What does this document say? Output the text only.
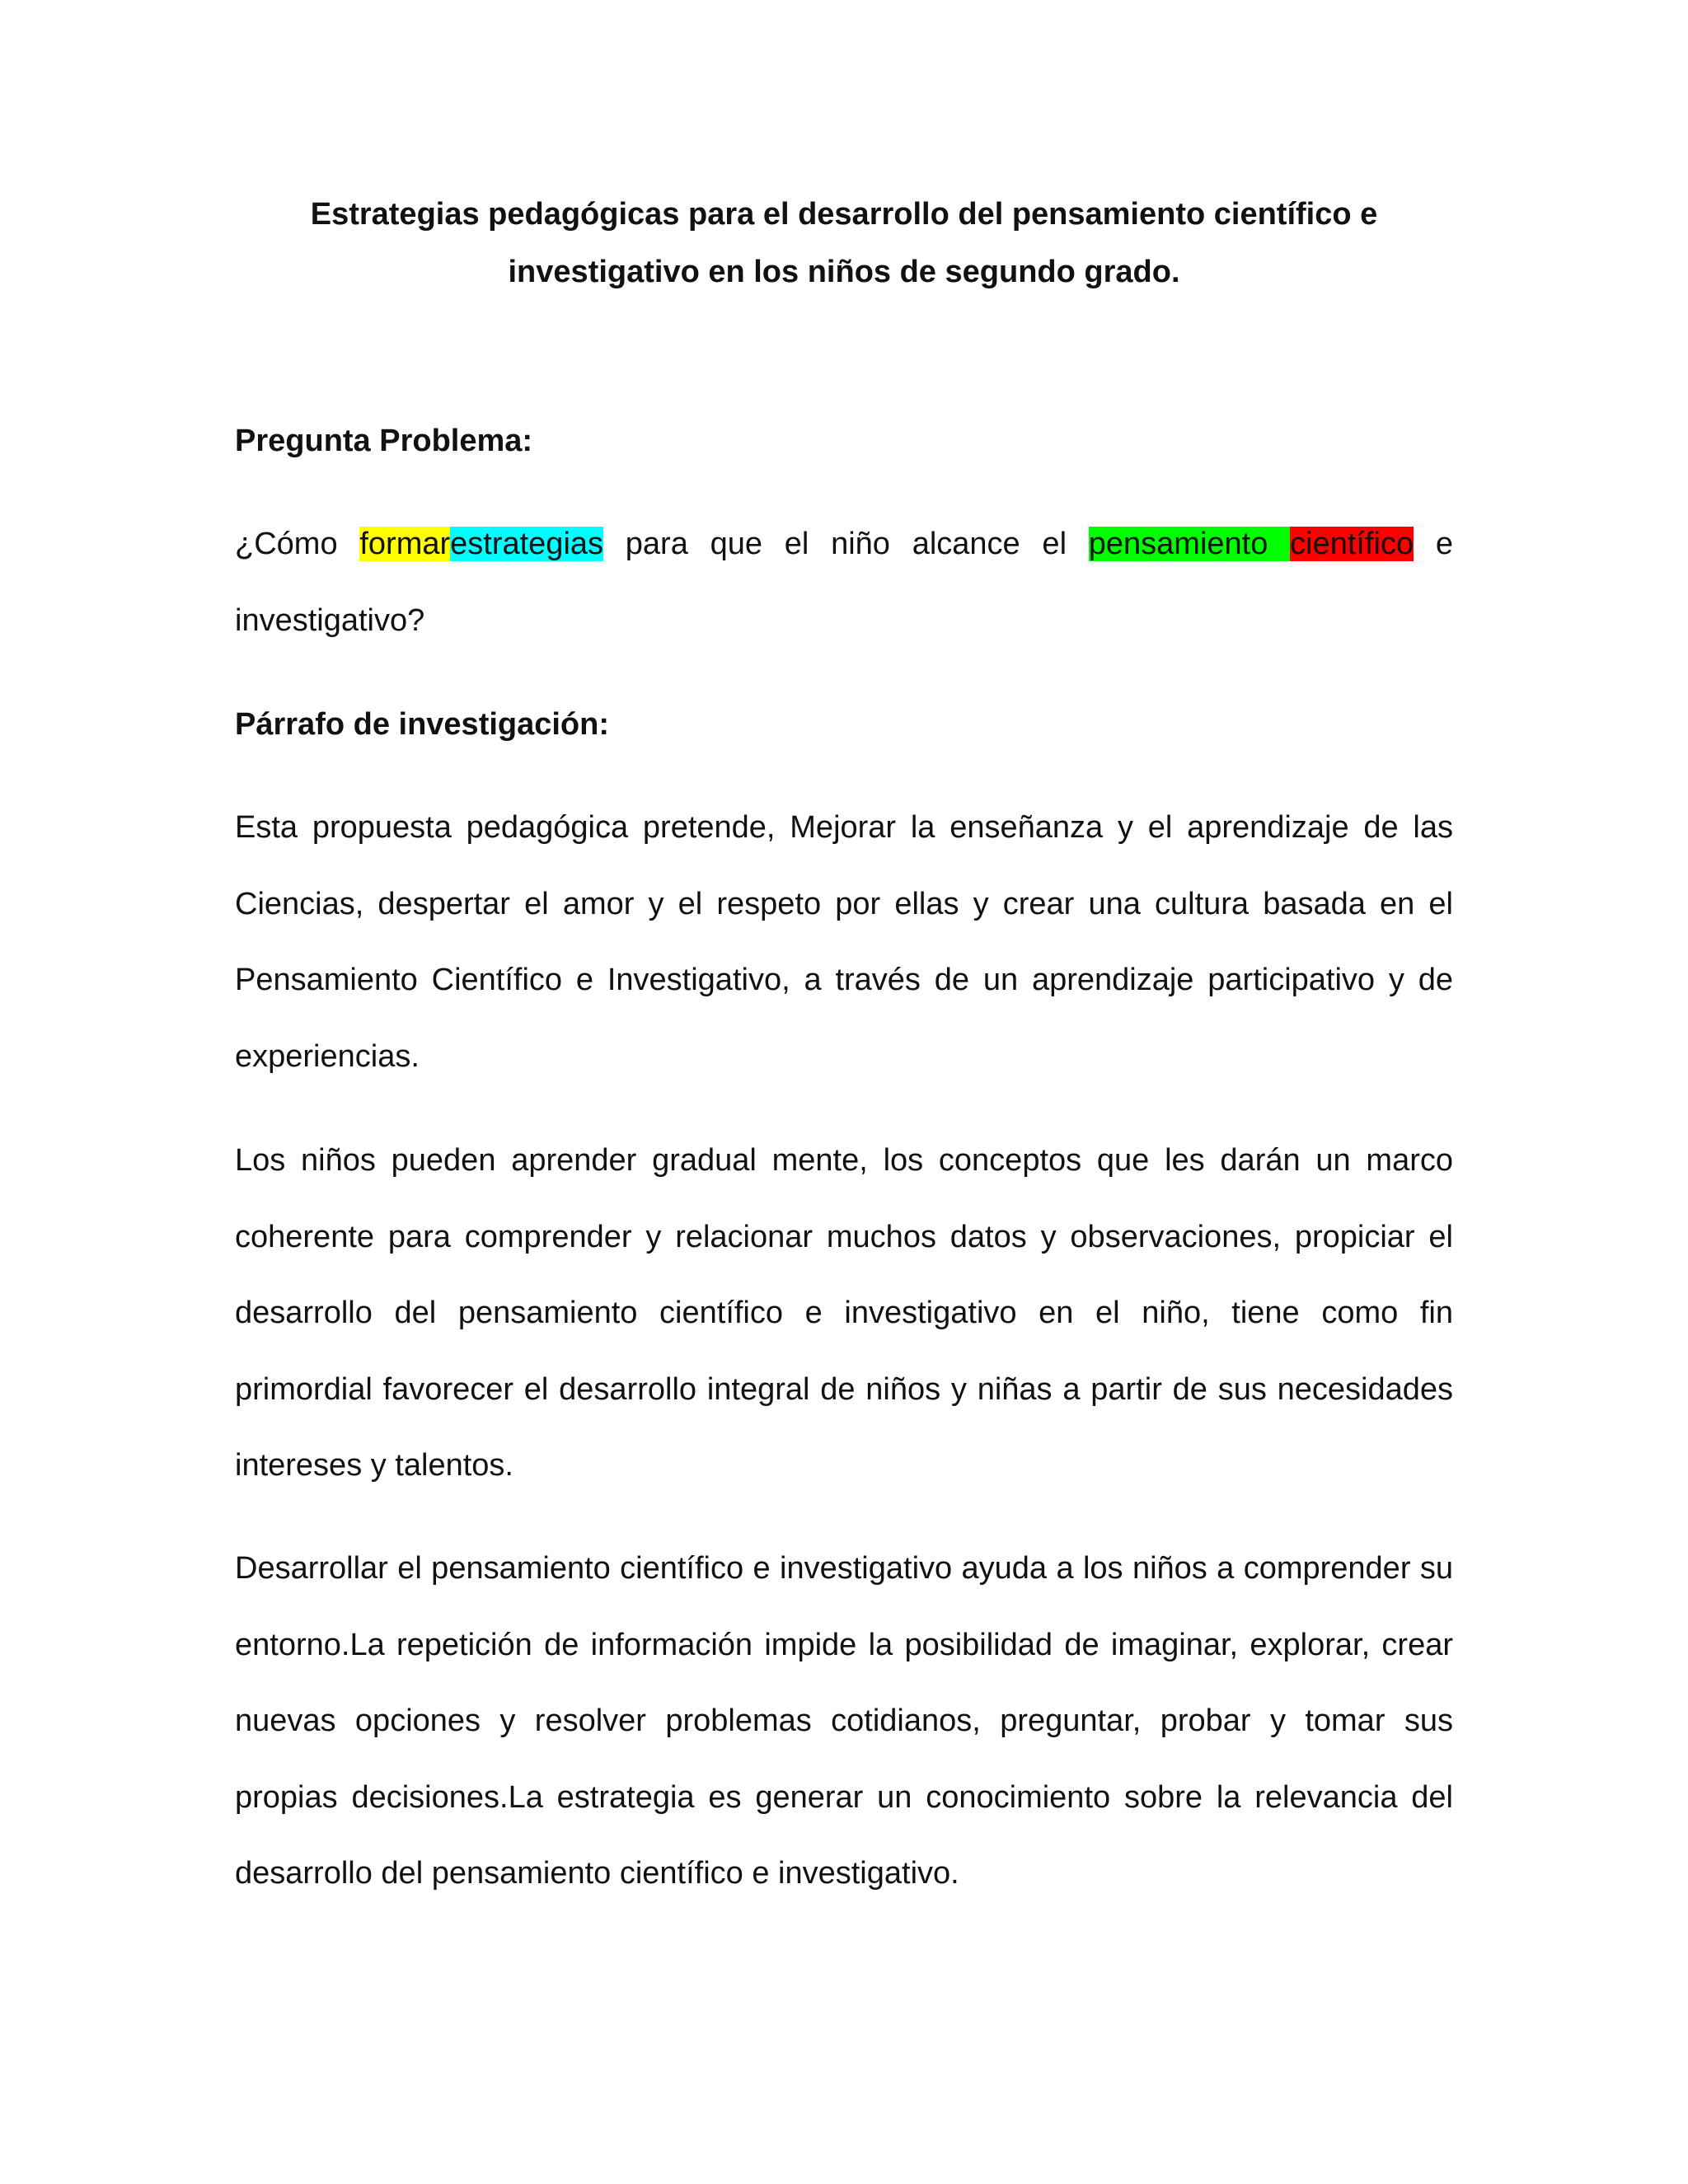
Estrategias pedagógicas para el desarrollo del pensamiento científico e investigativo en los niños de segundo grado.
Pregunta Problema:

¿Cómo formarestrategias para que el niño alcance el pensamiento científico e investigativo?

Párrafo de investigación:

Esta propuesta pedagógica pretende, Mejorar la enseñanza y el aprendizaje de las Ciencias, despertar el amor y el respeto por ellas y crear una cultura basada en el Pensamiento Científico e Investigativo, a través de un aprendizaje participativo y de experiencias.

Los niños pueden aprender gradual mente, los conceptos que les darán un marco coherente para comprender y relacionar muchos datos y observaciones, propiciar el desarrollo del pensamiento científico e investigativo en el niño, tiene como fin primordial favorecer el desarrollo integral de niños y niñas a partir de sus necesidades intereses y talentos.

Desarrollar el pensamiento científico e investigativo ayuda a los niños a comprender su entorno.La repetición de información impide la posibilidad de imaginar, explorar, crear nuevas opciones y resolver problemas cotidianos, preguntar, probar y tomar sus propias decisiones.La estrategia es generar un conocimiento sobre la relevancia del desarrollo del pensamiento científico e investigativo.
